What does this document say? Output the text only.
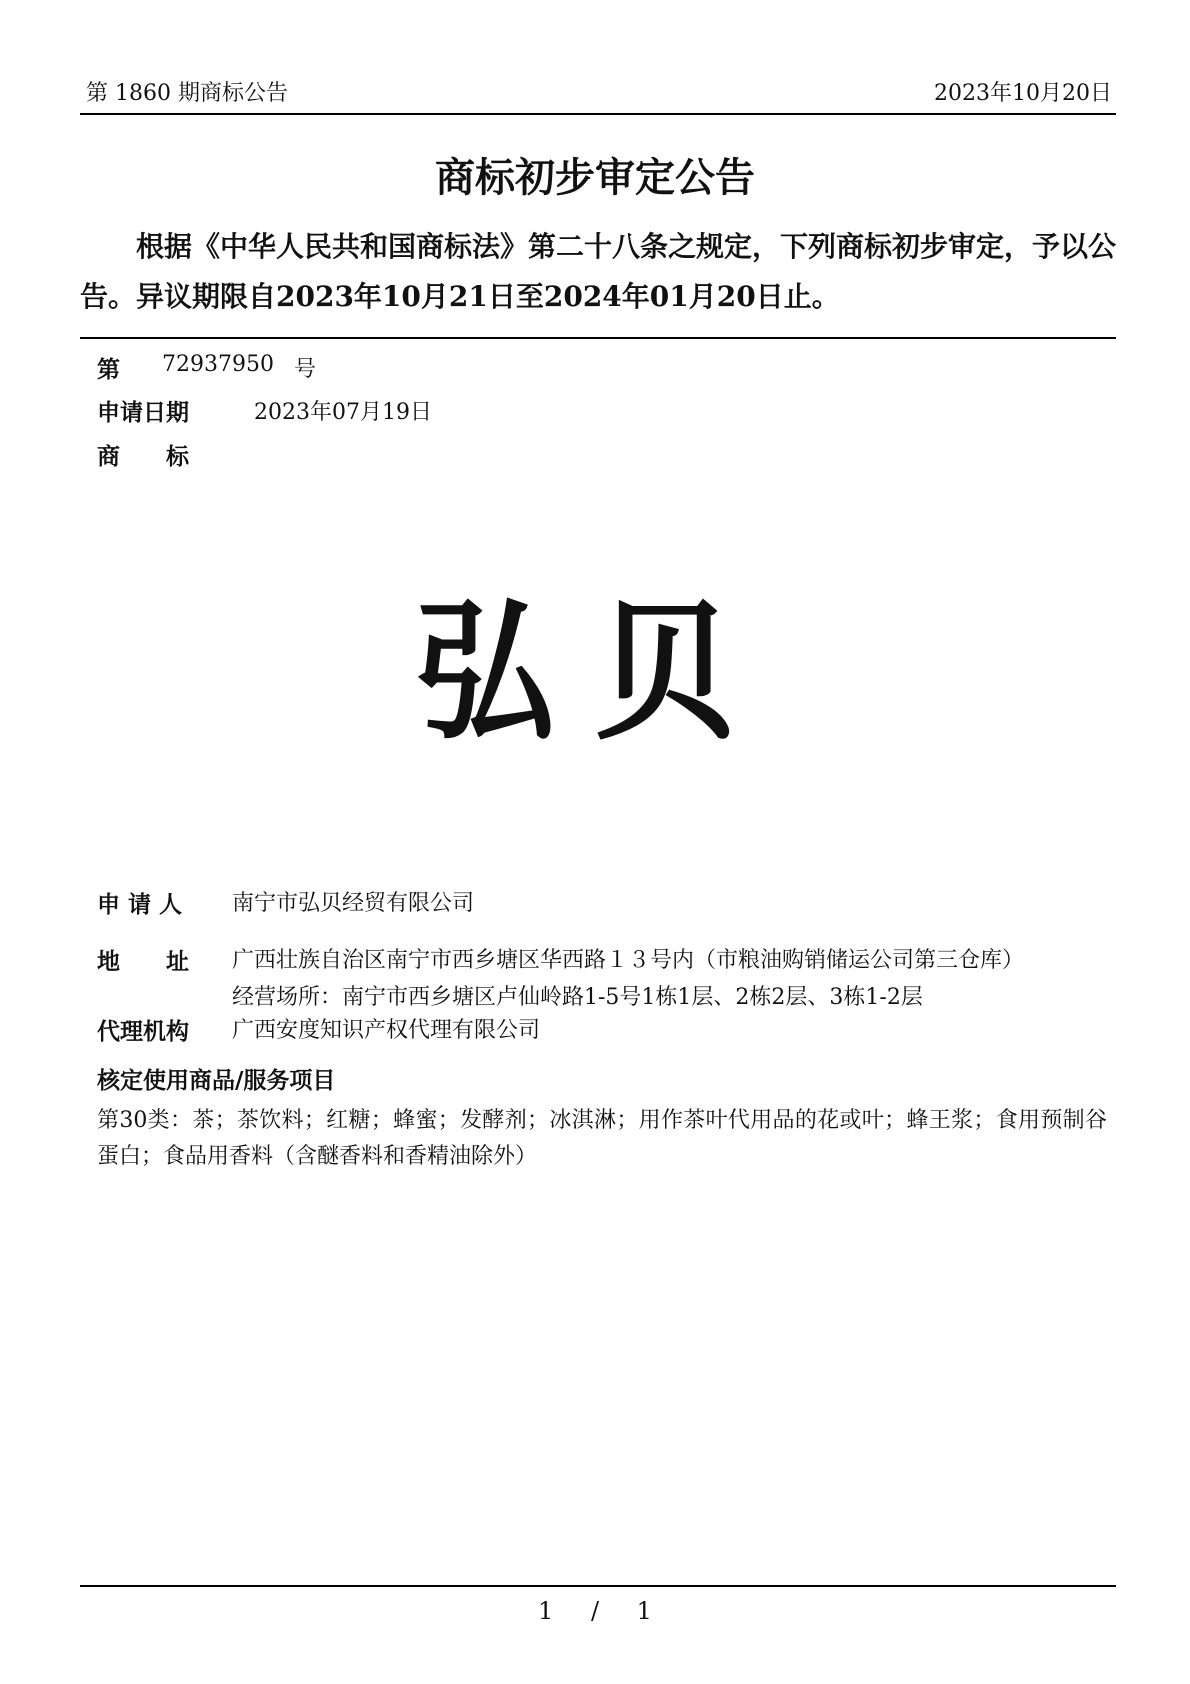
第 1860 期商标公告	2023年10月20日
商标初步审定公告
根据《中华人民共和国商标法》第二十八条之规定，下列商标初步审定，予以公告。异议期限自2023年10月21日至2024年01月20日止。
第 72937950 号
申请日期	2023年07月19日
商　　标
弘贝
申 请 人 南宁市弘贝经贸有限公司
地　　址 广西壮族自治区南宁市西乡塘区华西路１３号内（市粮油购销储运公司第三仓库）
经营场所：南宁市西乡塘区卢仙岭路1-5号1栋1层、2栋2层、3栋1-2层
代理机构 广西安度知识产权代理有限公司
核定使用商品/服务项目
第30类：茶；茶饮料；红糖；蜂蜜；发酵剂；冰淇淋；用作茶叶代用品的花或叶；蜂王浆；食用预制谷蛋白；食品用香料（含醚香料和香精油除外）
1 / 1
